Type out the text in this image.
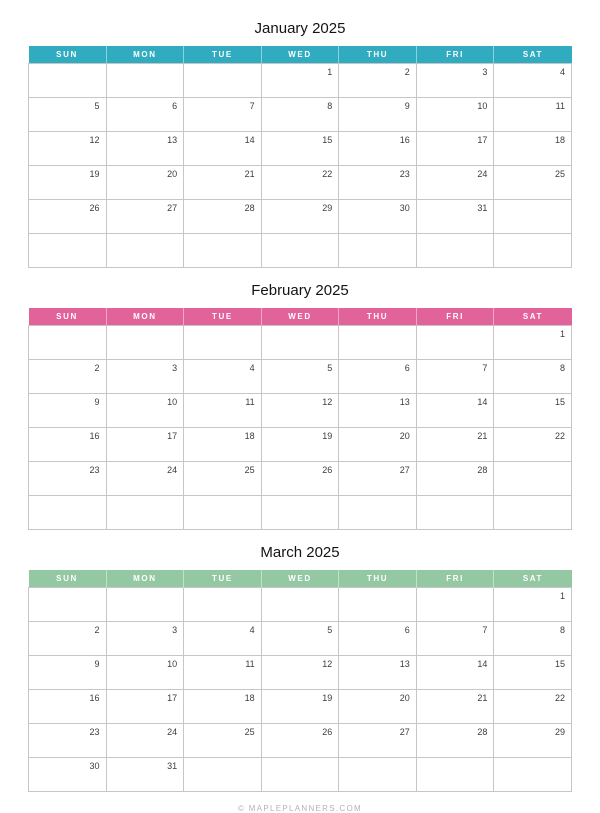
January 2025
SUN	MON	TUE	WED	THU	FRI	SAT
			1	2	3	4
5	6	7	8	9	10	11
12	13	14	15	16	17	18
19	20	21	22	23	24	25
26	27	28	29	30	31	

February 2025
SUN	MON	TUE	WED	THU	FRI	SAT
						1
2	3	4	5	6	7	8
9	10	11	12	13	14	15
16	17	18	19	20	21	22
23	24	25	26	27	28	

March 2025
SUN	MON	TUE	WED	THU	FRI	SAT
						1
2	3	4	5	6	7	8
9	10	11	12	13	14	15
16	17	18	19	20	21	22
23	24	25	26	27	28	29
30	31					
© MAPLEPLANNERS.COM
